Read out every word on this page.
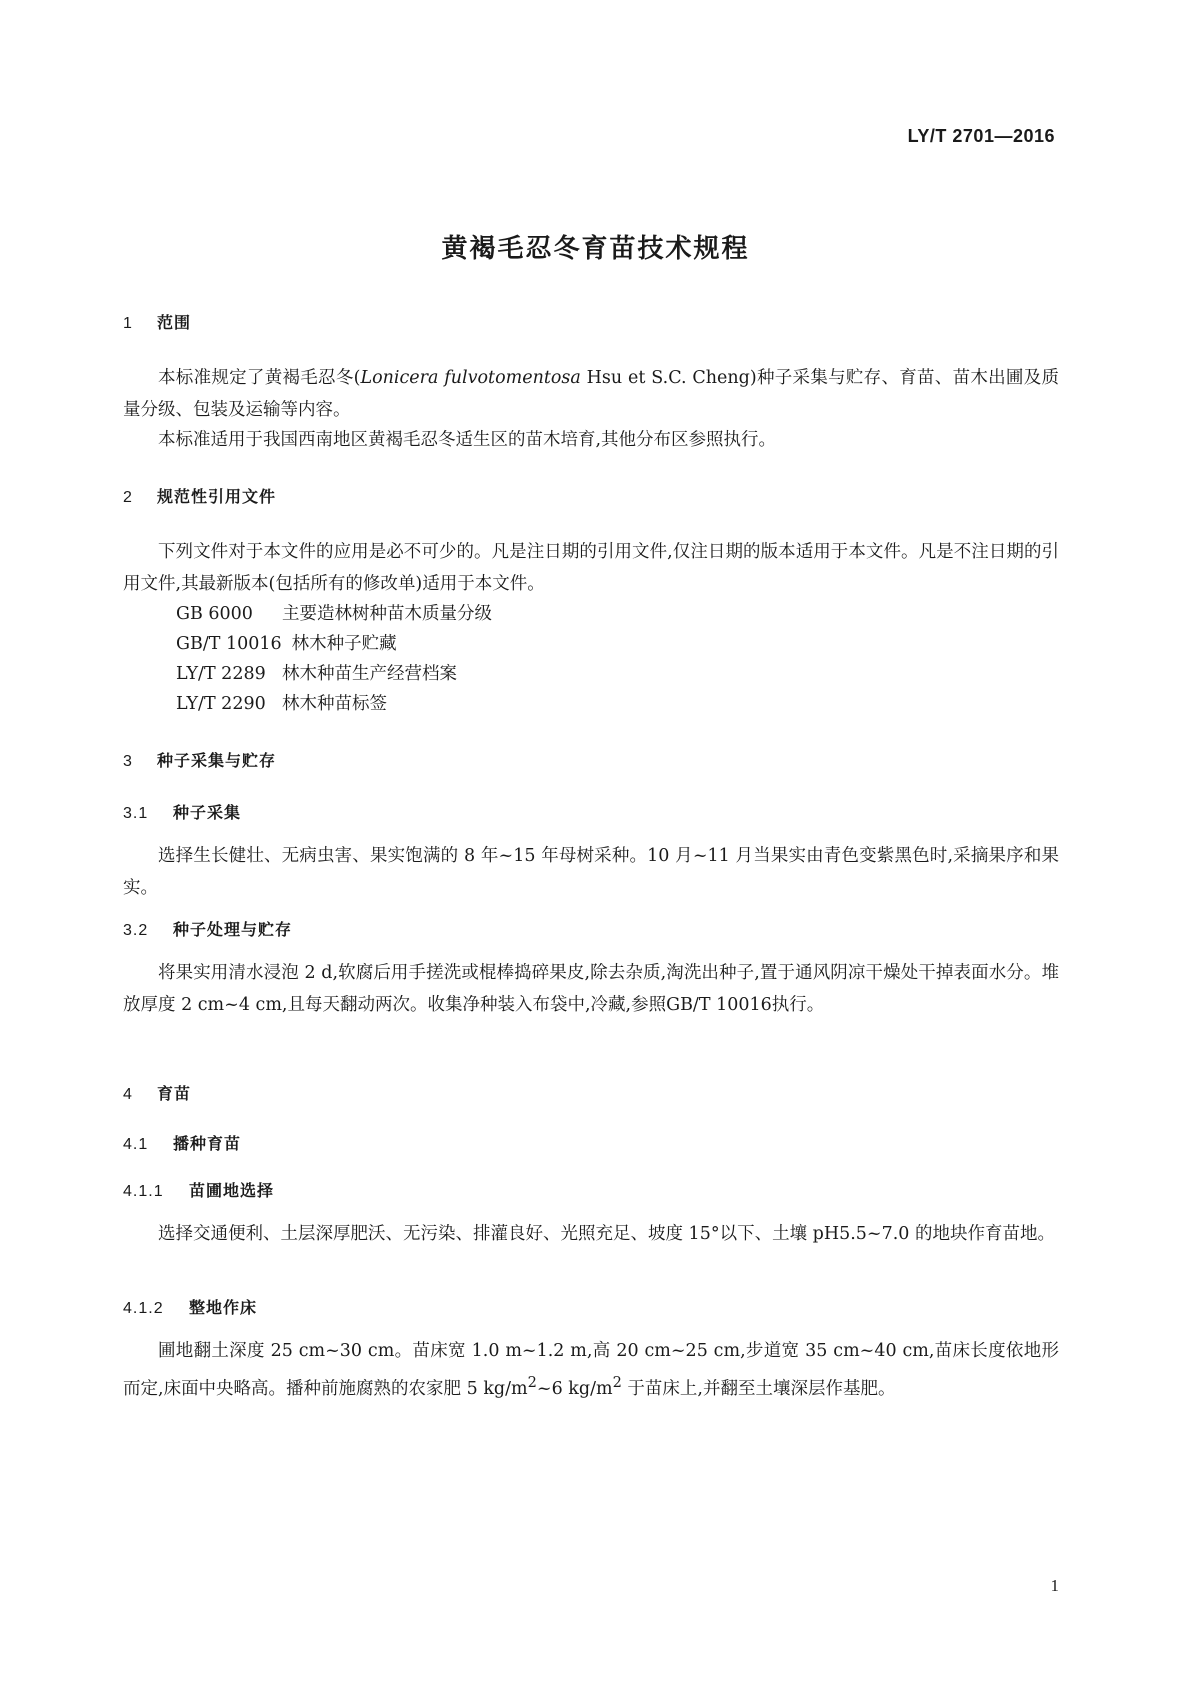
LY/T 2701—2016
黄褐毛忍冬育苗技术规程
1 范围
本标准规定了黄褐毛忍冬(Lonicera fulvotomentosa Hsu et S.C. Cheng)种子采集与贮存、育苗、苗木出圃及质量分级、包装及运输等内容。
本标准适用于我国西南地区黄褐毛忍冬适生区的苗木培育,其他分布区参照执行。
2 规范性引用文件
下列文件对于本文件的应用是必不可少的。凡是注日期的引用文件,仅注日期的版本适用于本文件。凡是不注日期的引用文件,其最新版本(包括所有的修改单)适用于本文件。
GB 6000 主要造林树种苗木质量分级
GB/T 10016 林木种子贮藏
LY/T 2289 林木种苗生产经营档案
LY/T 2290 林木种苗标签
3 种子采集与贮存
3.1 种子采集
选择生长健壮、无病虫害、果实饱满的 8 年~15 年母树采种。10 月~11 月当果实由青色变紫黑色时,采摘果序和果实。
3.2 种子处理与贮存
将果实用清水浸泡 2 d,软腐后用手搓洗或棍棒捣碎果皮,除去杂质,淘洗出种子,置于通风阴凉干燥处干掉表面水分。堆放厚度 2 cm~4 cm,且每天翻动两次。收集净种装入布袋中,冷藏,参照GB/T 10016执行。
4 育苗
4.1 播种育苗
4.1.1 苗圃地选择
选择交通便利、土层深厚肥沃、无污染、排灌良好、光照充足、坡度 15°以下、土壤 pH5.5~7.0 的地块作育苗地。
4.1.2 整地作床
圃地翻土深度 25 cm~30 cm。苗床宽 1.0 m~1.2 m,高 20 cm~25 cm,步道宽 35 cm~40 cm,苗床长度依地形而定,床面中央略高。播种前施腐熟的农家肥 5 $kg/m^2\sim 6$ $kg/m^2$ 于苗床上,并翻至土壤深层作基肥。
1
